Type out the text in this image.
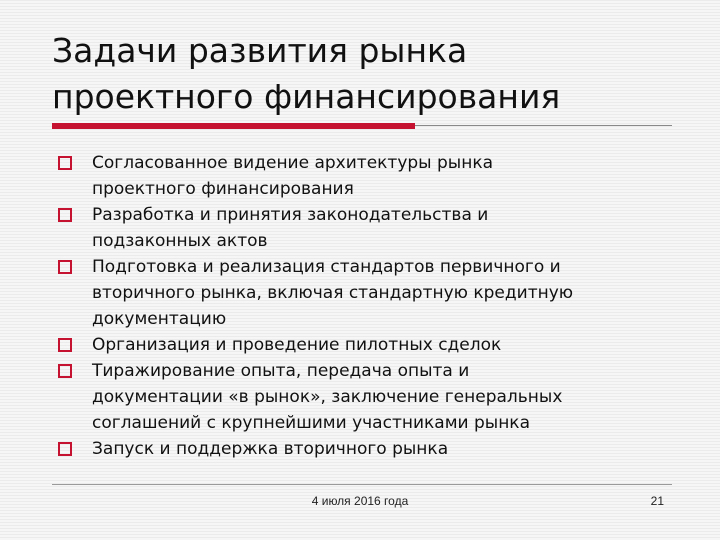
Задачи развития рынка
проектного финансирования
Согласованное видение архитектуры рынка
проектного финансирования
Разработка и принятия законодательства и
подзаконных актов
Подготовка и реализация стандартов первичного и
вторичного рынка, включая стандартную кредитную
документацию
Организация и проведение пилотных сделок
Тиражирование опыта, передача опыта и
документации «в рынок», заключение генеральных
соглашений с крупнейшими участниками рынка
Запуск и поддержка вторичного рынка
4 июля 2016 года	21
